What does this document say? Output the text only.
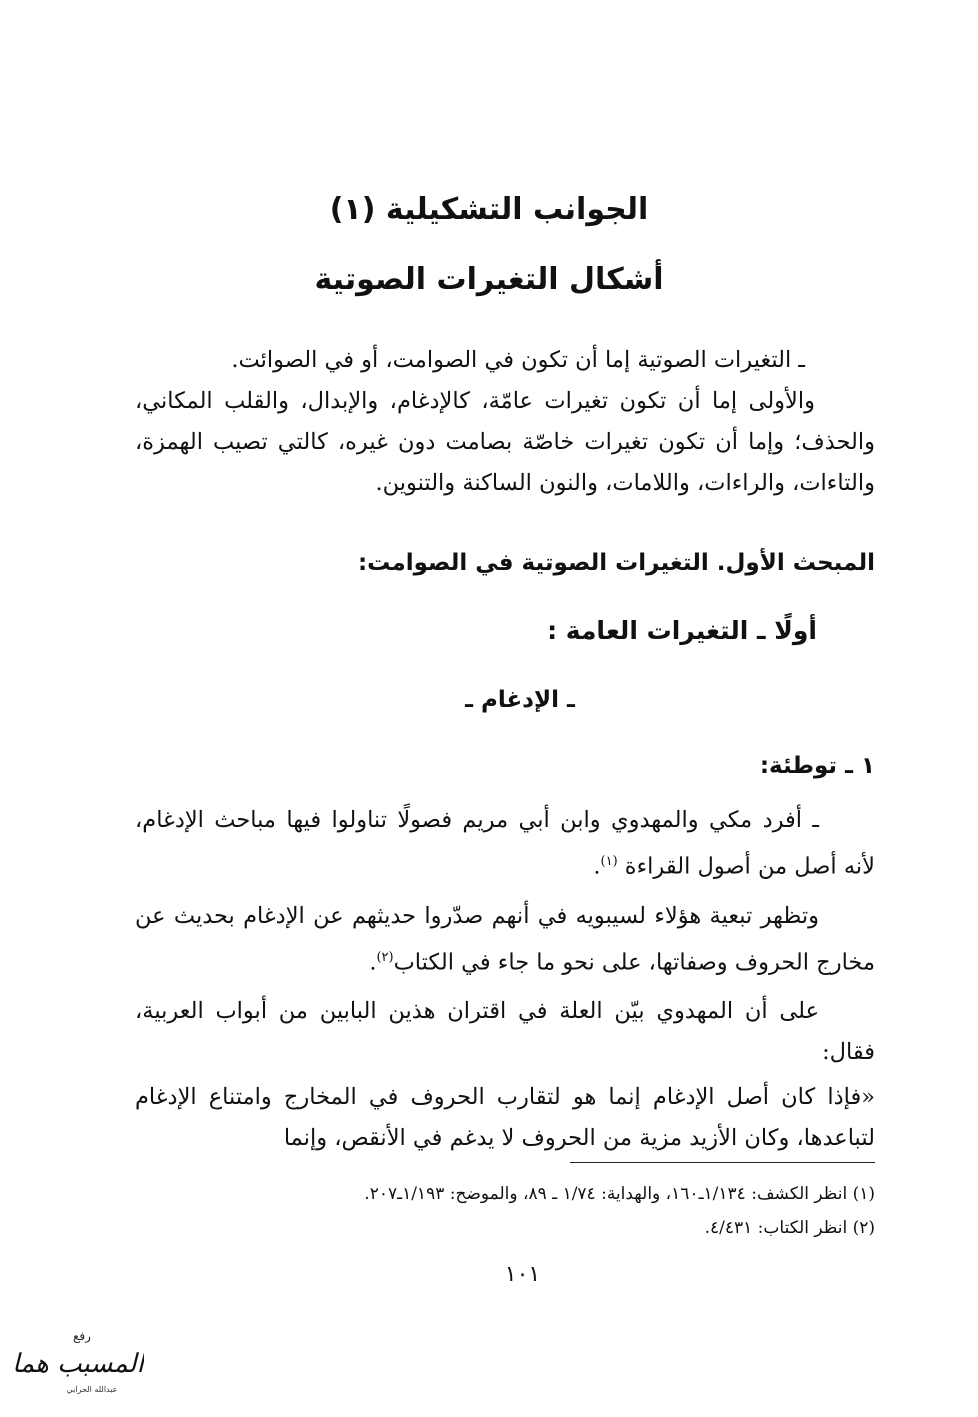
الجوانب التشكيلية (١)
أشكال التغيرات الصوتية

ـ التغيرات الصوتية إما أن تكون في الصوامت، أو في الصوائت.

والأولى إما أن تكون تغيرات عامّة، كالإدغام، والإبدال، والقلب المكاني، والحذف؛ وإما أن تكون تغيرات خاصّة بصامت دون غيره، كالتي تصيب الهمزة، والتاءات، والراءات، واللامات، والنون الساكنة والتنوين.

المبحث الأول. التغيرات الصوتية في الصوامت:
أولًا ـ التغيرات العامة :
ـ الإدغام ـ
١ ـ توطئة:

ـ أفرد مكي والمهدوي وابن أبي مريم فصولًا تناولوا فيها مباحث الإدغام، لأنه أصل من أصول القراءة $^{(١)}$.

وتظهر تبعية هؤلاء لسيبويه في أنهم صدّروا حديثهم عن الإدغام بحديث عن مخارج الحروف وصفاتها، على نحو ما جاء في الكتاب$^{(٢)}$.

على أن المهدوي بيّن العلة في اقتران هذين البابين من أبواب العربية، فقال:

«فإذا كان أصل الإدغام إنما هو لتقارب الحروف في المخارج وامتناع الإدغام لتباعدها، وكان الأزيد مزية من الحروف لا يدغم في الأنقص، وإنما

(١) انظر الكشف: ١/١٣٤ـ١٦٠، والهداية: ١/٧٤ ـ ٨٩، والموضح: ١/١٩٣ـ٢٠٧.
(٢) انظر الكتاب: ٤/٤٣١.
١٠١
رفع
المسبب هما
عبدالله الحرابي
